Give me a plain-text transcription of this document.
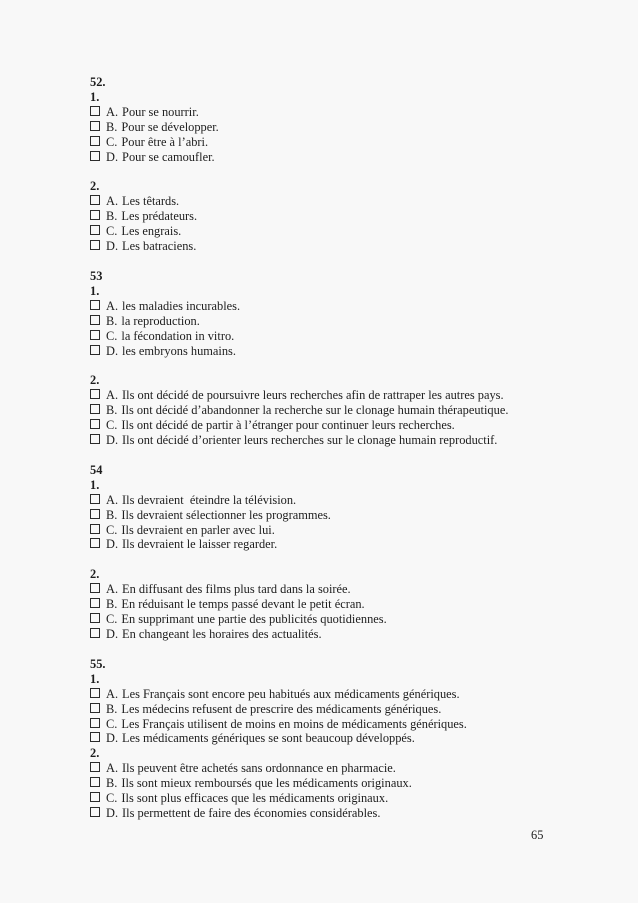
52.
1.
A. Pour se nourrir.
B. Pour se développer.
C. Pour être à l’abri.
D. Pour se camoufler.
2.
A. Les têtards.
B. Les prédateurs.
C. Les engrais.
D. Les batraciens.
53
1.
A. les maladies incurables.
B. la reproduction.
C. la fécondation in vitro.
D. les embryons humains.
2.
A. Ils ont décidé de poursuivre leurs recherches afin de rattraper les autres pays.
B. Ils ont décidé d’abandonner la recherche sur le clonage humain thérapeutique.
C. Ils ont décidé de partir à l’étranger pour continuer leurs recherches.
D. Ils ont décidé d’orienter leurs recherches sur le clonage humain reproductif.
54
1.
A. Ils devraient  éteindre la télévision.
B. Ils devraient sélectionner les programmes.
C. Ils devraient en parler avec lui.
D. Ils devraient le laisser regarder.
2.
A. En diffusant des films plus tard dans la soirée.
B. En réduisant le temps passé devant le petit écran.
C. En supprimant une partie des publicités quotidiennes.
D. En changeant les horaires des actualités.
55.
1.
A. Les Français sont encore peu habitués aux médicaments génériques.
B. Les médecins refusent de prescrire des médicaments génériques.
C. Les Français utilisent de moins en moins de médicaments génériques.
D. Les médicaments génériques se sont beaucoup développés.
2.
A. Ils peuvent être achetés sans ordonnance en pharmacie.
B. Ils sont mieux remboursés que les médicaments originaux.
C. Ils sont plus efficaces que les médicaments originaux.
D. Ils permettent de faire des économies considérables.
65
